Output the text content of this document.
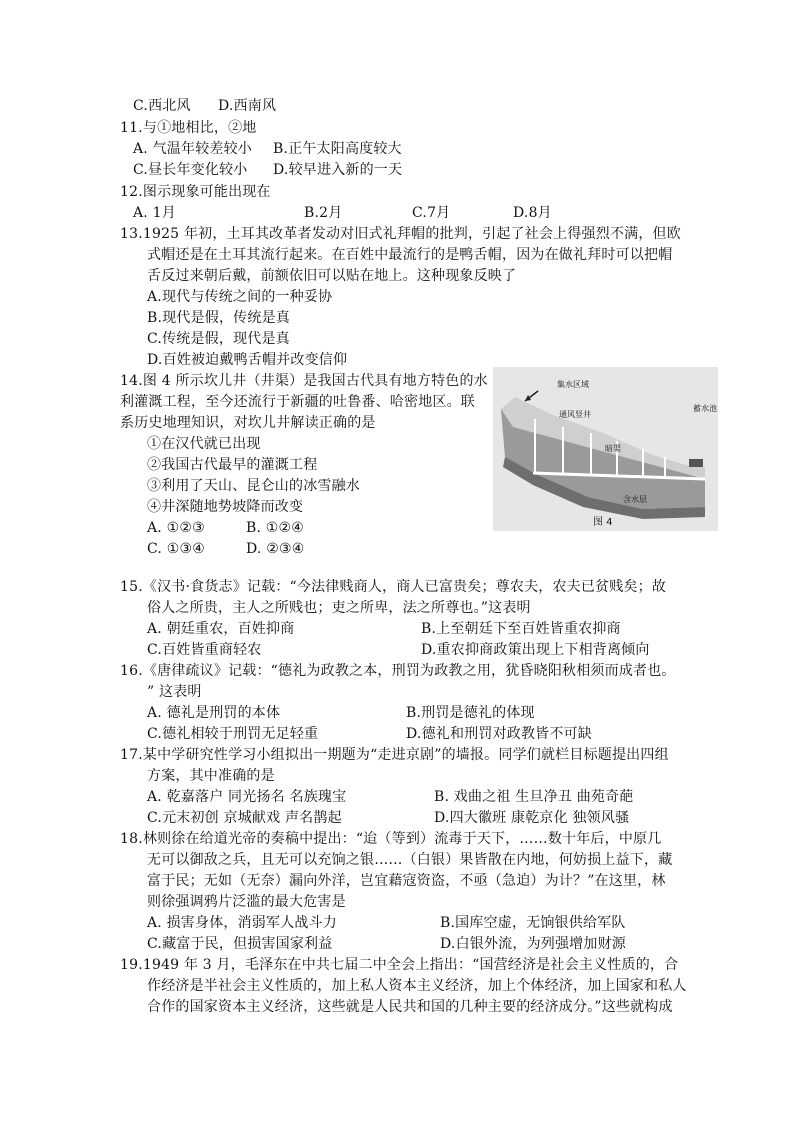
C.西北风 D.西南风
11.与①地相比，②地
A. 气温年较差较小 B.正午太阳高度较大
C.昼长年变化较小 D.较早进入新的一天
12.图示现象可能出现在
A. 1月	B.2月	C.7月	D.8月
13.1925 年初，土耳其改革者发动对旧式礼拜帽的批判，引起了社会上得强烈不满，但欧
式帽还是在土耳其流行起来。在百姓中最流行的是鸭舌帽，因为在做礼拜时可以把帽
舌反过来朝后戴，前额依旧可以贴在地上。这种现象反映了
A.现代与传统之间的一种妥协
B.现代是假，传统是真
C.传统是假，现代是真
D.百姓被迫戴鸭舌帽并改变信仰
14.图 4 所示坎儿井（井渠）是我国古代具有地方特色的水
利灌溉工程，至今还流行于新疆的吐鲁番、哈密地区。联
系历史地理知识，对坎儿井解读正确的是
①在汉代就已出现
②我国古代最早的灌溉工程
③利用了天山、昆仑山的冰雪融水
④井深随地势坡降而改变
A. ①②③	B. ①②④
C. ①③④	D. ②③④
集水区域
通风竖井
暗渠
蓄水池
含水层
图 4
15.《汉书·食货志》记载：“今法律贱商人，商人已富贵矣；尊农夫，农夫已贫贱矣；故
俗人之所贵，主人之所贱也；吏之所卑，法之所尊也。”这表明
A. 朝廷重农，百姓抑商	B.上至朝廷下至百姓皆重农抑商
C.百姓皆重商轻农	D.重农抑商政策出现上下相背离倾向
16.《唐律疏议》记载：“德礼为政教之本，刑罚为政教之用，犹昏晓阳秋相须而成者也。
” 这表明
A. 德礼是刑罚的本体	B.刑罚是德礼的体现
C.德礼相较于刑罚无足轻重	D.德礼和刑罚对政教皆不可缺
17.某中学研究性学习小组拟出一期题为“走进京剧”的墙报。同学们就栏目标题提出四组
方案，其中准确的是
A. 乾嘉落户 同光扬名 名族瑰宝	B. 戏曲之祖 生旦净丑 曲苑奇葩
C.元末初创 京城献戏 声名鹊起	D.四大徽班 康乾京化 独领风骚
18.林则徐在给道光帝的奏稿中提出：“迨（等到）流毒于天下，……数十年后，中原几
无可以御敌之兵，且无可以充饷之银……（白银）果皆散在内地，何妨损上益下，藏
富于民；无如（无奈）漏向外洋，岂宜藉寇资盗，不亟（急迫）为计？”在这里，林
则徐强调鸦片泛滥的最大危害是
A. 损害身体，消弱军人战斗力	B.国库空虚，无饷银供给军队
C.藏富于民，但损害国家利益	D.白银外流，为列强增加财源
19.1949 年 3 月，毛泽东在中共七届二中全会上指出：“国营经济是社会主义性质的，合
作经济是半社会主义性质的，加上私人资本主义经济，加上个体经济，加上国家和私人
合作的国家资本主义经济，这些就是人民共和国的几种主要的经济成分。”这些就构成
